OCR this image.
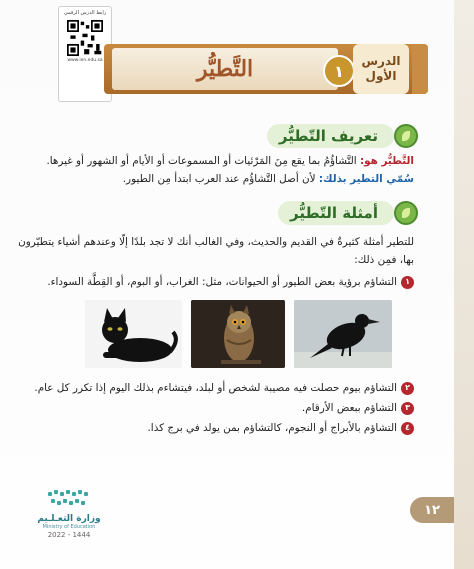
رابط الدرس الرقمي
www.ien.edu.sa	التَّطيُّر	١
الدرس
الأول
تعريف التّطيُّر
التَّطيُّر هو: التَّشاؤُمُ بما يقع مِنَ المَرْئيات أو المسموعات أو الأيام أو الشهور أو غيرها.
سُمّي التطير بذلك: لأن أصل التَّشاؤُم عند العرب ابتدأ مِن الطيور.
أمثلة التّطيُّر
للتطير أمثلة كثيرةٌ في القديم والحديث، وفي الغالب أنك لا تجد بلدًا إلّا وعندهم أشياء يتطيّرون
بها، فمِن ذلك:
١التشاؤم برؤية بعض الطيور أو الحيوانات، مثل: الغراب، أو البوم، أو القِطَّة السوداء.
٢التشاؤم بيوم حصلت فيه مصيبة لشخص أو لبلد، فيتشاءم بذلك اليوم إذا تكرر كل عام.
٣التشاؤم ببعض الأرقام.
٤التشاؤم بالأبراج أو النجوم، كالتشاؤم بمن يولد في برج كذا.
وزارة التعـلـيم
Ministry of Education
2022 - 1444
١٢
